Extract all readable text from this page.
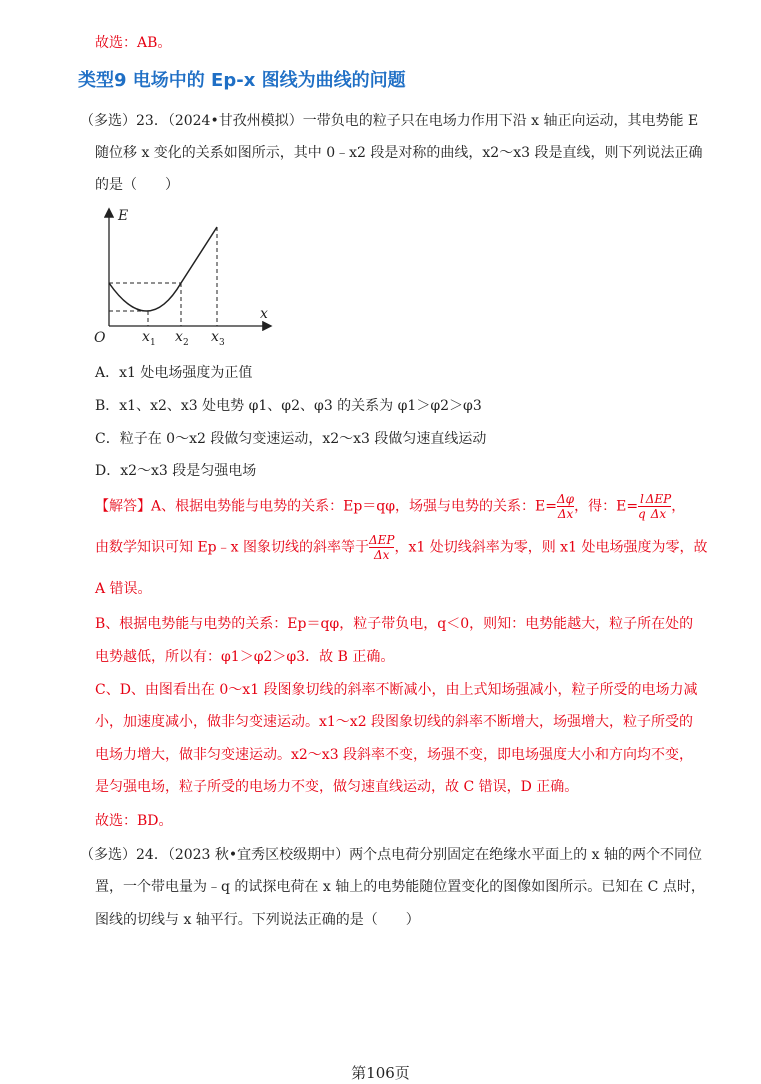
故选：AB。
类型9 电场中的 Ep-x 图线为曲线的问题
（多选）23．（2024•甘孜州模拟）一带负电的粒子只在电场力作用下沿 x 轴正向运动，其电势能 E
随位移 x 变化的关系如图所示，其中 0﹣x2 段是对称的曲线，x2～x3 段是直线，则下列说法正确
的是（　　）
E
x
O	x x x
1	2	3
A．x1 处电场强度为正值
B．x1、x2、x3 处电势 φ1、φ2、φ3 的关系为 φ1＞φ2＞φ3
C．粒子在 0～x2 段做匀变速运动，x2～x3 段做匀速直线运动
D．x2～x3 段是匀强电场
【解答】A、根据电势能与电势的关系：Ep＝qφ，场强与电势的关系：$E= \frac{\Delta\varphi}{\Delta x}$ ，得：$E= \frac{l}{q}$ ΔEP
Δx ，
由数学知识可知 Ep﹣x 图象切线的斜率等于 ΔEP
Δx ，x1 处切线斜率为零，则 x1 处电场强度为零，故
A 错误。
B、根据电势能与电势的关系：Ep＝qφ，粒子带负电，q＜0，则知：电势能越大，粒子所在处的
电势越低，所以有：φ1＞φ2＞φ3．故 B 正确。
C、D、由图看出在 0～x1 段图象切线的斜率不断减小，由上式知场强减小，粒子所受的电场力减
小，加速度减小，做非匀变速运动。x1～x2 段图象切线的斜率不断增大，场强增大，粒子所受的
电场力增大，做非匀变速运动。x2～x3 段斜率不变，场强不变，即电场强度大小和方向均不变，
是匀强电场，粒子所受的电场力不变，做匀速直线运动，故 C 错误，D 正确。
故选：BD。
（多选）24．（2023 秋•宜秀区校级期中）两个点电荷分别固定在绝缘水平面上的 x 轴的两个不同位
置，一个带电量为﹣q 的试探电荷在 x 轴上的电势能随位置变化的图像如图所示。已知在 C 点时，
图线的切线与 x 轴平行。下列说法正确的是（　　）
第106页
